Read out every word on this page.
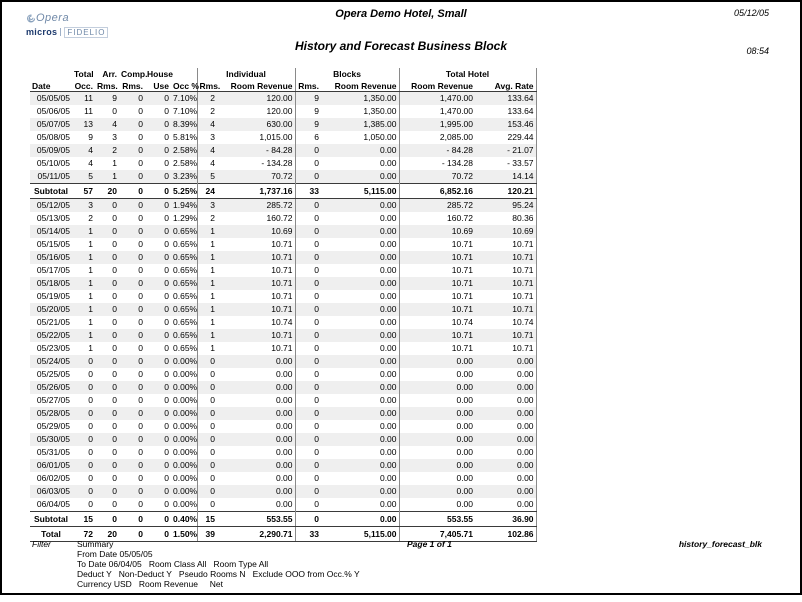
Opera
micros FIDELIO
Opera Demo Hotel, Small	05/12/05
History and Forecast Business Block	08:54
	Total	Arr.	Comp.	House		Individual		Blocks		Total Hotel	
Date	Occ.	Rms.	Rms.	Use	Occ %	Rms.	Room Revenue	Rms.	Room Revenue	Room Revenue	Avg. Rate
05/05/05	11	9	0	0	7.10%	2	120.00	9	1,350.00	1,470.00	133.64
05/06/05	11	0	0	0	7.10%	2	120.00	9	1,350.00	1,470.00	133.64
05/07/05	13	4	0	0	8.39%	4	630.00	9	1,385.00	1,995.00	153.46
05/08/05	9	3	0	0	5.81%	3	1,015.00	6	1,050.00	2,085.00	229.44
05/09/05	4	2	0	0	2.58%	4	- 84.28	0	0.00	- 84.28	- 21.07
05/10/05	4	1	0	0	2.58%	4	- 134.28	0	0.00	- 134.28	- 33.57
05/11/05	5	1	0	0	3.23%	5	70.72	0	0.00	70.72	14.14
Subtotal	57	20	0	0	5.25%	24	1,737.16	33	5,115.00	6,852.16	120.21
05/12/05	3	0	0	0	1.94%	3	285.72	0	0.00	285.72	95.24
05/13/05	2	0	0	0	1.29%	2	160.72	0	0.00	160.72	80.36
05/14/05	1	0	0	0	0.65%	1	10.69	0	0.00	10.69	10.69
05/15/05	1	0	0	0	0.65%	1	10.71	0	0.00	10.71	10.71
05/16/05	1	0	0	0	0.65%	1	10.71	0	0.00	10.71	10.71
05/17/05	1	0	0	0	0.65%	1	10.71	0	0.00	10.71	10.71
05/18/05	1	0	0	0	0.65%	1	10.71	0	0.00	10.71	10.71
05/19/05	1	0	0	0	0.65%	1	10.71	0	0.00	10.71	10.71
05/20/05	1	0	0	0	0.65%	1	10.71	0	0.00	10.71	10.71
05/21/05	1	0	0	0	0.65%	1	10.74	0	0.00	10.74	10.74
05/22/05	1	0	0	0	0.65%	1	10.71	0	0.00	10.71	10.71
05/23/05	1	0	0	0	0.65%	1	10.71	0	0.00	10.71	10.71
05/24/05	0	0	0	0	0.00%	0	0.00	0	0.00	0.00	0.00
05/25/05	0	0	0	0	0.00%	0	0.00	0	0.00	0.00	0.00
05/26/05	0	0	0	0	0.00%	0	0.00	0	0.00	0.00	0.00
05/27/05	0	0	0	0	0.00%	0	0.00	0	0.00	0.00	0.00
05/28/05	0	0	0	0	0.00%	0	0.00	0	0.00	0.00	0.00
05/29/05	0	0	0	0	0.00%	0	0.00	0	0.00	0.00	0.00
05/30/05	0	0	0	0	0.00%	0	0.00	0	0.00	0.00	0.00
05/31/05	0	0	0	0	0.00%	0	0.00	0	0.00	0.00	0.00
06/01/05	0	0	0	0	0.00%	0	0.00	0	0.00	0.00	0.00
06/02/05	0	0	0	0	0.00%	0	0.00	0	0.00	0.00	0.00
06/03/05	0	0	0	0	0.00%	0	0.00	0	0.00	0.00	0.00
06/04/05	0	0	0	0	0.00%	0	0.00	0	0.00	0.00	0.00
Subtotal	15	0	0	0	0.40%	15	553.55	0	0.00	553.55	36.90
Total	72	20	0	0	1.50%	39	2,290.71	33	5,115.00	7,405.71	102.86
Filter	Summary
From Date 05/05/05
To Date 06/04/05   Room Class All   Room Type All
Deduct Y   Non-Deduct Y   Pseudo Rooms N   Exclude OOO from Occ.% Y
Currency USD   Room Revenue     Net
Page 1 of 1	history_forecast_blk
